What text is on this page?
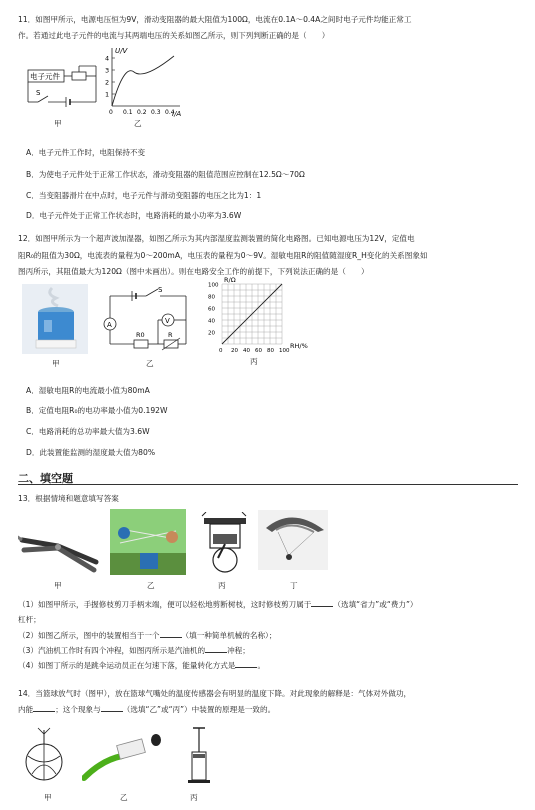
11．如图甲所示，电源电压恒为9V，滑动变阻器的最大阻值为100Ω，电流在0.1A～0.4A之间时电子元件均能正常工
作。若通过此电子元件的电流与其两端电压的关系如图乙所示，则下列判断正确的是（　　）
电子元件
S
甲
U/V
I/A
4
3
2
1
0 0.1 0.2 0.3 0.4
乙
A．电子元件工作时，电阻保持不变
B．为使电子元件处于正常工作状态，滑动变阻器的阻值范围应控制在12.5Ω～70Ω
C．当变阻器滑片在中点时，电子元件与滑动变阻器的电压之比为1：1
D．电子元件处于正常工作状态时，电路消耗的最小功率为3.6W
12．如图甲所示为一个超声波加湿器，如图乙所示为其内部湿度监测装置的简化电路图。已知电源电压为12V，定值电
阻R₀的阻值为30Ω，电流表的量程为0～200mA，电压表的量程为0～9V。湿敏电阻R的阻值随湿度R_H变化的关系图象如
图丙所示，其阻值最大为120Ω（图中未画出）。则在电路安全工作的前提下，下列说法正确的是（　　）
甲
S
A
R0	R
V
乙
100
80
60
40
20
0 20 40 60 80 100
R/Ω
RH/%
丙
A．湿敏电阻R的电流最小值为80mA
B．定值电阻R₀的电功率最小值为0.192W
C．电路消耗的总功率最大值为3.6W
D．此装置能监测的湿度最大值为80%
二、填空题
13．根据情境和题意填写答案
甲	乙	丙	丁
（1）如图甲所示，手握修枝剪刀手柄末端，便可以轻松地剪断树枝，这时修枝剪刀属于	（选填“省力”或“费力”）
杠杆；
（2）如图乙所示，图中的装置相当于一个	（填一种简单机械的名称）；
（3）汽油机工作时有四个冲程，如图丙所示是汽油机的	冲程；
（4）如图丁所示的是跳伞运动员正在匀速下落，能量转化方式是	。
14．当篮球放气时（图甲），放在篮球气嘴处的温度传感器会有明显的温度下降。对此现象的解释是：气体对外做功，
内能	；这个现象与	（选填“乙”或“丙”）中装置的原理是一致的。
甲	乙	丙
